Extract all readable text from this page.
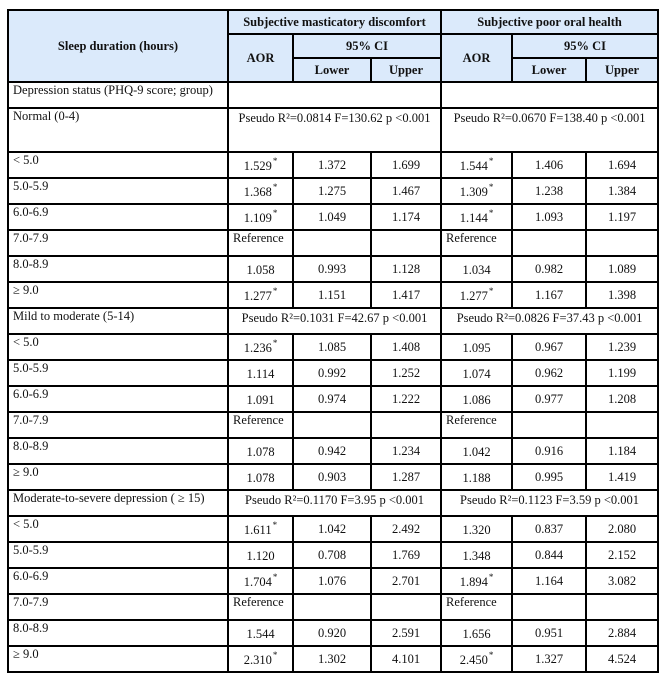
Sleep duration (hours)	Subjective masticatory discomfort			Subjective poor oral health		
	AOR	95% CI		AOR	95% CI	
		Lower	Upper		Lower	Upper
Depression status (PHQ-9 score; group)						
Normal (0-4)	Pseudo R²=0.0814 F=130.62 p <0.001			Pseudo R²=0.0670 F=138.40 p <0.001		
< 5.0	1.529*	1.372	1.699	1.544*	1.406	1.694
5.0-5.9	1.368*	1.275	1.467	1.309*	1.238	1.384
6.0-6.9	1.109*	1.049	1.174	1.144*	1.093	1.197
7.0-7.9	Reference			Reference		
8.0-8.9	1.058	0.993	1.128	1.034	0.982	1.089
≥ 9.0	1.277*	1.151	1.417	1.277*	1.167	1.398
Mild to moderate (5-14)	Pseudo R²=0.1031 F=42.67 p <0.001			Pseudo R²=0.0826 F=37.43 p <0.001		
< 5.0	1.236*	1.085	1.408	1.095	0.967	1.239
5.0-5.9	1.114	0.992	1.252	1.074	0.962	1.199
6.0-6.9	1.091	0.974	1.222	1.086	0.977	1.208
7.0-7.9	Reference			Reference		
8.0-8.9	1.078	0.942	1.234	1.042	0.916	1.184
≥ 9.0	1.078	0.903	1.287	1.188	0.995	1.419
Moderate-to-severe depression ( ≥ 15)	Pseudo R²=0.1170 F=3.95 p <0.001			Pseudo R²=0.1123 F=3.59 p <0.001		
< 5.0	1.611*	1.042	2.492	1.320	0.837	2.080
5.0-5.9	1.120	0.708	1.769	1.348	0.844	2.152
6.0-6.9	1.704*	1.076	2.701	1.894*	1.164	3.082
7.0-7.9	Reference			Reference		
8.0-8.9	1.544	0.920	2.591	1.656	0.951	2.884
≥ 9.0	2.310*	1.302	4.101	2.450*	1.327	4.524
